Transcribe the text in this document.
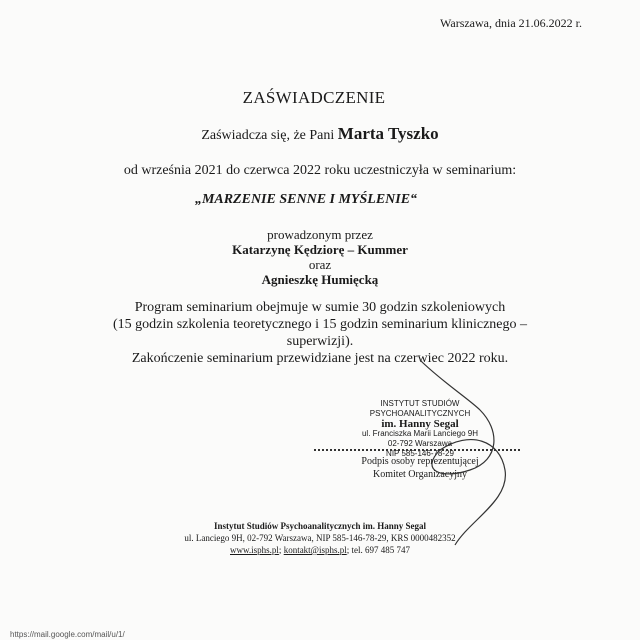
Warszawa, dnia 21.06.2022 r.
ZAŚWIADCZENIE
Zaświadcza się, że Pani Marta Tyszko
od września 2021 do czerwca 2022 roku uczestniczyła w seminarium:
„MARZENIE SENNE I MYŚLENIE“
prowadzonym przez
Katarzynę Kędziorę – Kummer
oraz
Agnieszkę Humięcką
Program seminarium obejmuje w sumie 30 godzin szkoleniowych
(15 godzin szkolenia teoretycznego i 15 godzin seminarium klinicznego –
superwizji).
Zakończenie seminarium przewidziane jest na czerwiec 2022 roku.
INSTYTUT STUDIÓW PSYCHOANALITYCZNYCH
im. Hanny Segal
ul. Franciszka Marii Lanciego 9H
02-792 Warszawa
NIP 585-146-78-29
Podpis osoby reprezentującej
Komitet Organizacyjny
Instytut Studiów Psychoanalitycznych im. Hanny Segal
ul. Lanciego 9H, 02-792 Warszawa, NIP 585-146-78-29, KRS 0000482352
www.isphs.pl; kontakt@isphs.pl; tel. 697 485 747
https://mail.google.com/mail/u/1/
